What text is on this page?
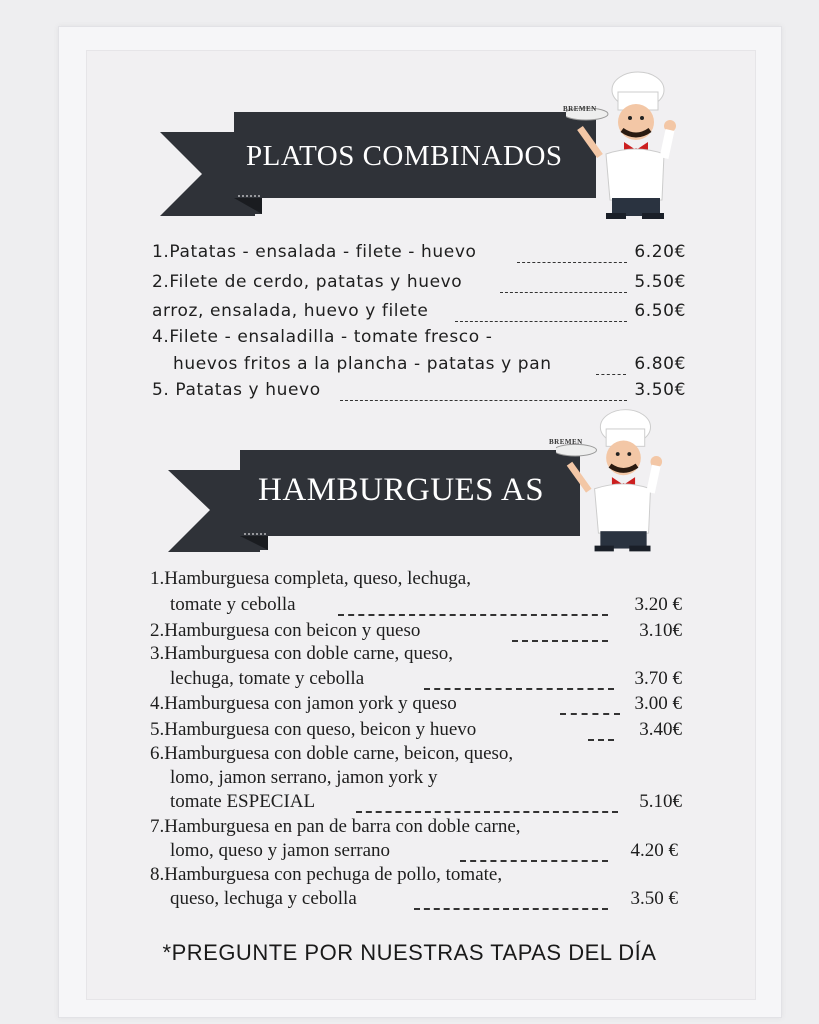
PLATOS COMBINADOS
BREMEN
1.Patatas - ensalada - filete - huevo	6.20€
2.Filete de cerdo, patatas y huevo	5.50€
arroz, ensalada, huevo y filete	6.50€
4.Filete - ensaladilla - tomate fresco -
huevos fritos a la plancha - patatas y pan	6.80€
5. Patatas y huevo	3.50€
HAMBURGUES AS
BREMEN
1.Hamburguesa completa, queso, lechuga,
tomate y cebolla	3.20 €
2.Hamburguesa con beicon y queso	3.10€
3.Hamburguesa con doble carne, queso,
lechuga, tomate y cebolla	3.70 €
4.Hamburguesa con jamon york y queso	3.00 €
5.Hamburguesa con queso, beicon y huevo	3.40€
6.Hamburguesa con doble carne, beicon, queso,
lomo, jamon serrano, jamon york y
tomate ESPECIAL	5.10€
7.Hamburguesa en pan de barra con doble carne,
lomo, queso y jamon serrano	4.20 €
8.Hamburguesa con pechuga de pollo, tomate,
queso, lechuga y cebolla	3.50 €
*PREGUNTE POR NUESTRAS TAPAS DEL DÍA
